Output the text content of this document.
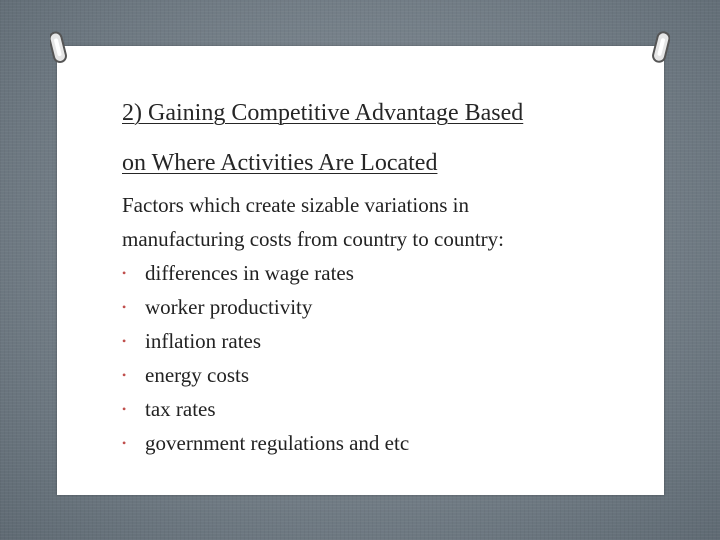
2) Gaining Competitive Advantage Based
on Where Activities Are Located

Factors which create sizable variations in

manufacturing costs from country to country:

• differences in wage rates
• worker productivity
• inflation rates
• energy costs
• tax rates
• government regulations and etc
